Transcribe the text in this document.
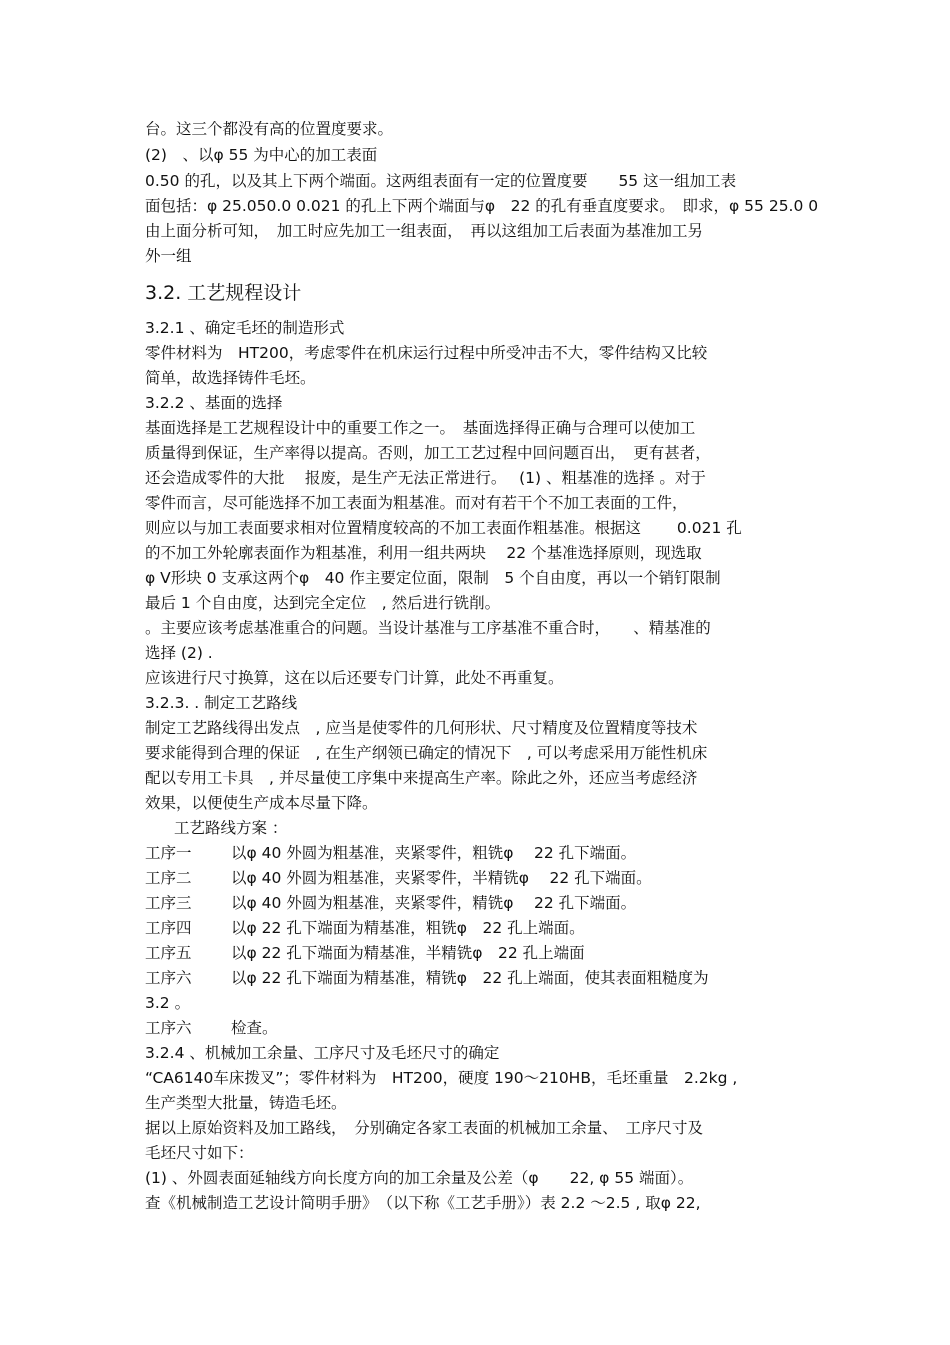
台。这三个都没有高的位置度要求。
(2)　、以φ 55 为中心的加工表面
0.50 的孔，以及其上下两个端面。这两组表面有一定的位置度要　　55 这一组加工表
面包括：φ 25.050.0 0.021 的孔上下两个端面与φ　22 的孔有垂直度要求。　即求，φ 55 25.0 0
由上面分析可知，　加工时应先加工一组表面，　再以这组加工后表面为基准加工另
外一组
3.2. 工艺规程设计
3.2.1 、确定毛坯的制造形式
零件材料为　HT200，考虑零件在机床运行过程中所受冲击不大，零件结构又比较
简单，故选择铸件毛坯。
3.2.2 、基面的选择
基面选择是工艺规程设计中的重要工作之一。　基面选择得正确与合理可以使加工
质量得到保证，生产率得以提高。否则，加工工艺过程中回问题百出，　更有甚者，
还会造成零件的大批　 报废，是生产无法正常进行。　 (1) 、粗基准的选择 。对于
零件而言，尽可能选择不加工表面为粗基准。而对有若干个不加工表面的工件，
则应以与加工表面要求相对位置精度较高的不加工表面作粗基准。根据这　　 0.021 孔
的不加工外轮廓表面作为粗基准，利用一组共两块　 22 个基准选择原则，现选取
φ V形块 0 支承这两个φ　40 作主要定位面，限制　5 个自由度，再以一个销钉限制
最后 1 个自由度，达到完全定位　, 然后进行铣削。
。主要应该考虑基准重合的问题。当设计基准与工序基准不重合时，　　、精基准的
选择 (2) .
应该进行尺寸换算，这在以后还要专门计算，此处不再重复。
3.2.3. . 制定工艺路线
制定工艺路线得出发点　, 应当是使零件的几何形状、尺寸精度及位置精度等技术
要求能得到合理的保证　, 在生产纲领已确定的情况下　, 可以考虑采用万能性机床
配以专用工卡具　, 并尽量使工序集中来提高生产率。除此之外，还应当考虑经济
效果，以便使生产成本尽量下降。
工艺路线方案 ：
工序一	以φ 40 外圆为粗基准，夹紧零件，粗铣φ　 22 孔下端面。
工序二	以φ 40 外圆为粗基准，夹紧零件，半精铣φ　 22 孔下端面。
工序三	以φ 40 外圆为粗基准，夹紧零件，精铣φ　 22 孔下端面。
工序四	以φ 22 孔下端面为精基准，粗铣φ　22 孔上端面。
工序五	以φ 22 孔下端面为精基准，半精铣φ　22 孔上端面
工序六	以φ 22 孔下端面为精基准，精铣φ　22 孔上端面，使其表面粗糙度为
3.2 。
工序六	检查。
3.2.4 、机械加工余量、工序尺寸及毛坯尺寸的确定
“CA6140车床拨叉”；零件材料为　HT200，硬度 190～210HB，毛坯重量　2.2kg ,
生产类型大批量，铸造毛坯。
据以上原始资料及加工路线，　分别确定各家工表面的机械加工余量、　工序尺寸及
毛坯尺寸如下：
(1) 、外圆表面延轴线方向长度方向的加工余量及公差（φ　　22, φ 55 端面）。
查《机械制造工艺设计简明手册》　（以下称《工艺手册》）表 2.2 ～2.5 , 取φ 22,
